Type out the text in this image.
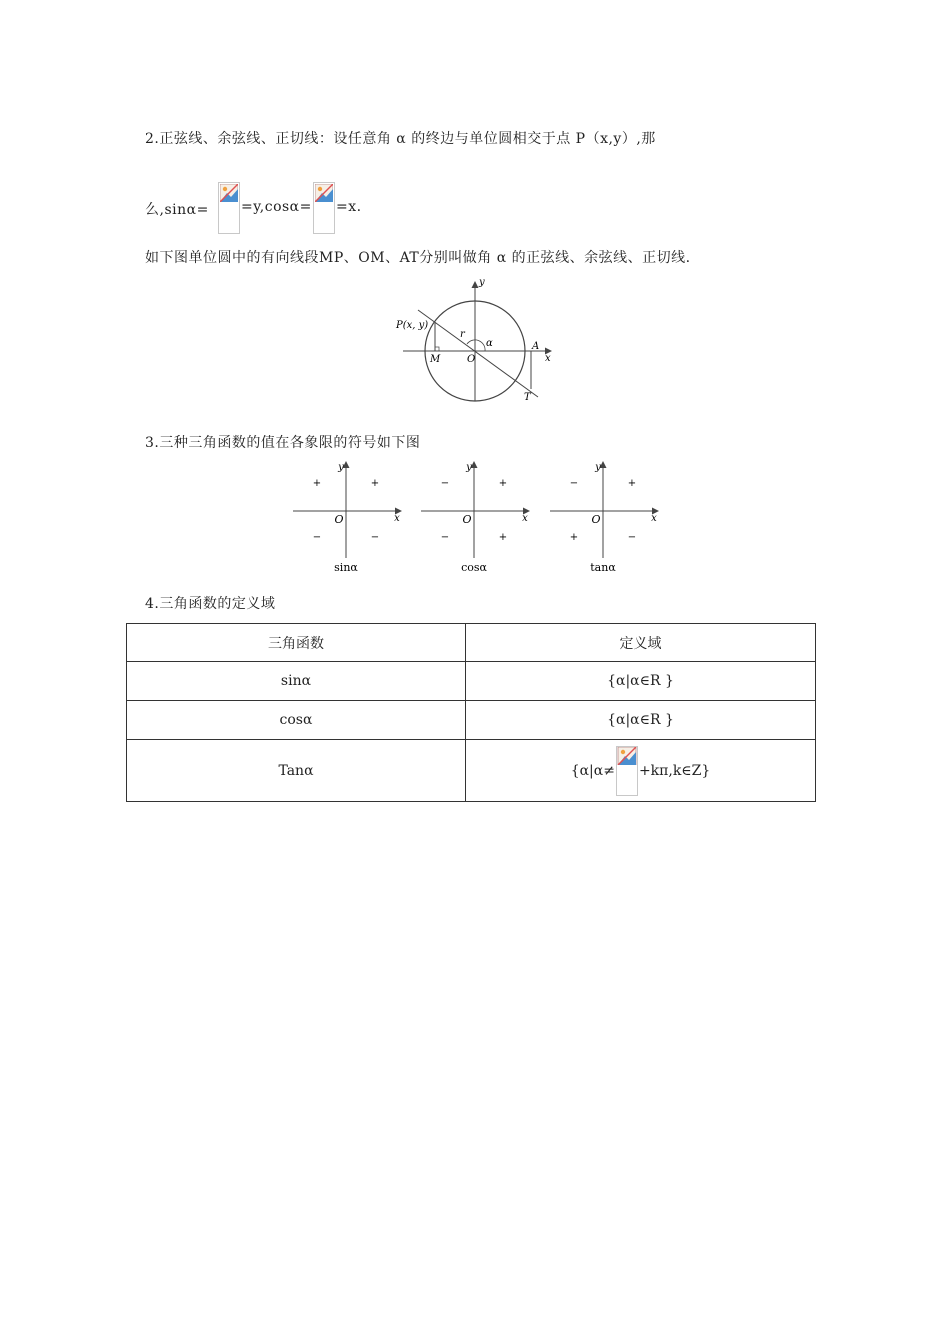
2.正弦线、余弦线、正切线：设任意角 α 的终边与单位圆相交于点 P（x,y）,那
么,sinα= =y,cosα= =x.
如下图单位圆中的有向线段MP、OM、AT分别叫做角 α 的正弦线、余弦线、正切线.
P(x, y)
y
x
r
α	A
M	O
T
3.三种三角函数的值在各象限的符号如下图
y
x
O
+
+
−	−
sinα
y
x
O
+
−
−	+
cosα
y
x
O
+
−
+	−
tanα
4.三角函数的定义域
三角函数	定义域
sinα	{α|α∈R }
cosα	{α|α∈R }
Tanα	{α|α≠ +kπ,k∈Z}
